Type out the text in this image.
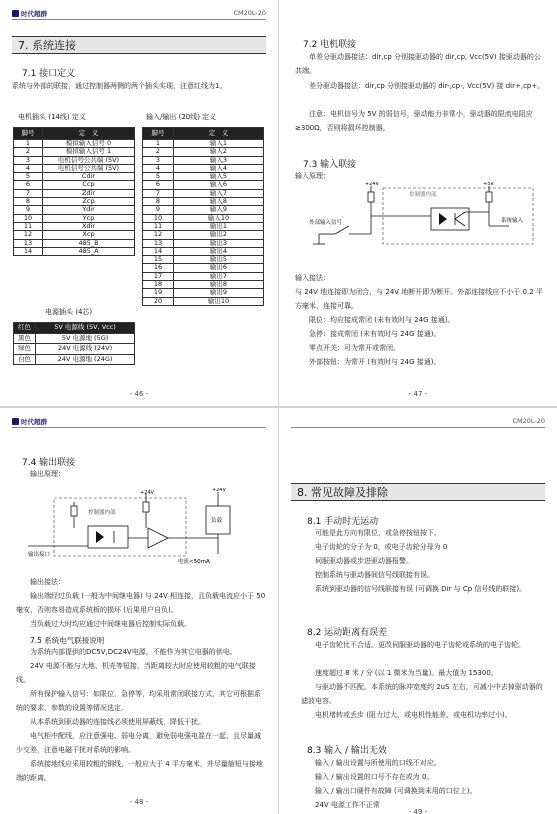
时代超群	CM20L-20
7. 系统连接
7.1 接口定义
系统与外部的联接，通过控制器两侧的两个插头实现，注意红线为1。
电机插头 (14线) 定义	输入/输出 (20线) 定义
脚号	定　义
1	模拟输入信号 0
2	模拟输入信号 1
3	电机信号公共端 (5V)
4	电机信号公共端 (5V)
5	Cdir
6	Ccp
7	Zdir
8	Zcp
9	Ydir
10	Ycp
11	Xdir
12	Xcp
13	485_B
14	485_A
脚号	定　义
1	输入1
2	输入2
3	输入3
4	输入4
5	输入5
6	输入6
7	输入7
8	输入8
9	输入9
10	输入10
11	输出1
12	输出2
13	输出3
14	输出4
15	输出5
16	输出6
17	输出7
18	输出8
19	输出9
20	输出10
电源插头 (4芯)
红色	5V 电源线 (5V, Vcc)
黑色	5V 电源地 (5G)
绿色	24V 电源线 (24V)
白色	24V 电源地 (24G)
- 46 -
7.2 电机联接
单差分驱动器接法：dir,cp 分别接驱动器的 dir,cp, Vcc(5V) 接驱动器的公共端。
差分驱动器接法：dir,cp 分别接驱动器的 dir-,cp-, Vcc(5V) 接 dir+,cp+。
注意：电机信号为 5V 的弱信号，驱动能力非常小，驱动器的限流电阻应≥300Ω，否则将损坏控制器。
7.3 输入联接
输入原理：
+24V	+5V
控制器内部
外部输入信号	系统输入
输入接法：
与 24V 地连接即为闭合，与 24V 地断开即为断开。外部连接线应不小于 0.2 平方毫米，连接可靠。
限位：均应接成常闭 (未有效时与 24G 接通)。
急停：接成常闭 (未有效时与 24G 接通)。
零点开关：可为常开或常闭。
外部按钮：为常开 (有效时与 24G 接通)。
- 47 -
时代超群
7.4 输出联接
输出原理：
+24V	+24V
控制器内部
负载
输出接口
电流<50mA
输出接法：
输出端经过负载 (一般为中间继电器) 与 24V 相连接，且负载电流应小于 50 毫安，否则容易造成系统板的损坏 (后果用户自负)。
当负载过大时均应通过中间继电器后控制实际负载。
7.5 系统电气联接说明
为系统内部提供的DC5V,DC24V电源，不能作为其它电器的供电。
24V 电源不能与大地、机壳等短接，当距离较大时应使用较粗的电气联接线。
所有保护输入信号：如限位、急停等，均采用常闭联接方式，其它可根据系统的要求、参数的设置等情况选定。
从本系统到驱动器的连接线必须使用屏蔽线，降低干扰。
电气柜中配线，应注意强电、弱电分离，避免弱电强电混在一起，且尽量减少交差，注意电磁干扰对系统的影响。
系统接地线应采用较粗的铜线，一般应大于 4 平方毫米，并尽量缩短与接地端的距离。
- 48 -
CM20L-20
8. 常见故障及排除
8.1 手动时无运动
可能是此方向有限位，或急停按钮按下。
电子齿轮的分子为 0，或电子齿轮分母为 0
伺服驱动器或步进驱动器报警。
控制系统与驱动器间信号线联接有误。
系统到驱动器的信号线联接有误 (可调换 Dir 与 Cp 信号线的联接)。
8.2 运动距离有误差
电子齿轮比不合适。更改伺服驱动器的电子齿轮或系统的电子齿轮。
速度超过 8 米 / 分 (以 1 微米为当量)。最大值为 15300。
与驱动器不匹配。本系统的脉冲宽度约 2uS 左右，可减小中去掉驱动器的滤波电容。
电机堵转或丢步 (阻力过大、或电机性能差、或电机功率过小)。
8.3 输入 / 输出无效
输入 / 输出设置与所使用的口线不对应。
输入 / 输出设置的口号不存在或为 0。
输入 / 输出口硬件有故障 (可调换到未用的口位上)。
24V 电源工作不正常
- 49 -
